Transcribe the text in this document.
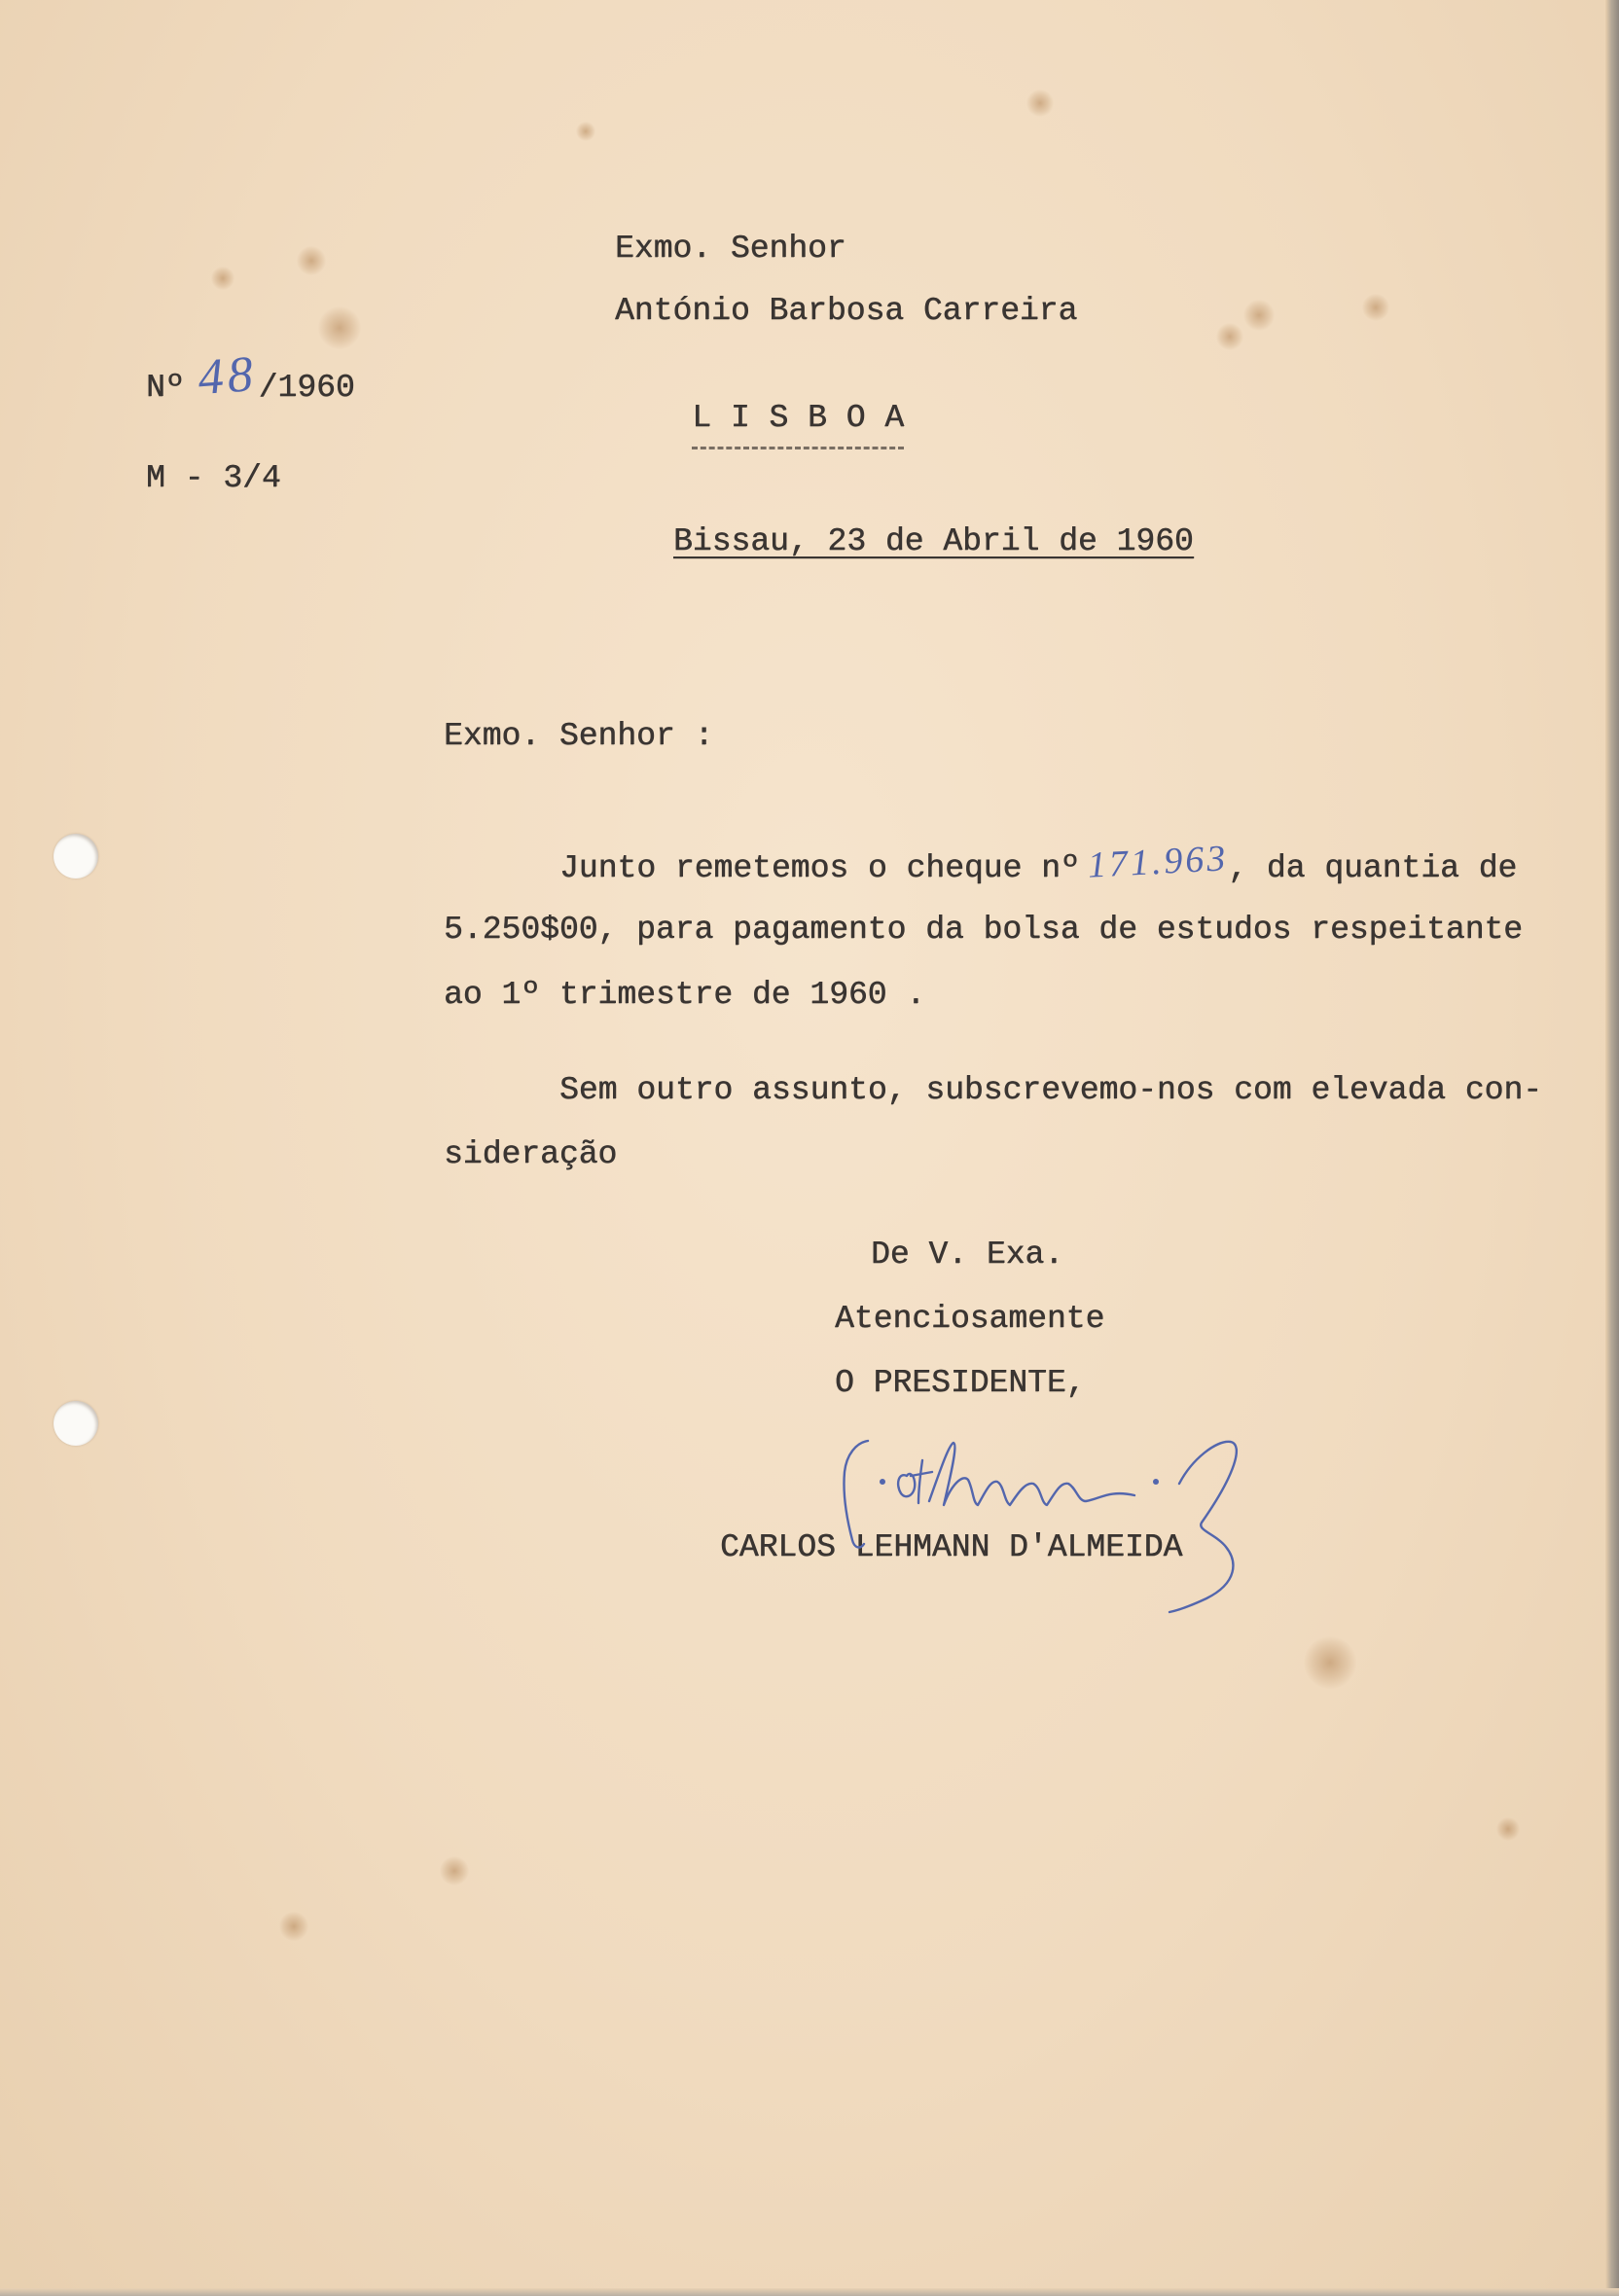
Exmo. Senhor
António Barbosa Carreira

L I S B O A

Nº 48/1960
M - 3/4
Bissau, 23 de Abril de 1960
Exmo. Senhor :
Junto remetemos o cheque nº 171.963, da quantia de
5.250$00, para pagamento da bolsa de estudos respeitante
ao 1º trimestre de 1960 .
Sem outro assunto, subscrevemo-nos com elevada con-
sideração
De V. Exa.
Atenciosamente
O PRESIDENTE,
CARLOS LEHMANN D'ALMEIDA
